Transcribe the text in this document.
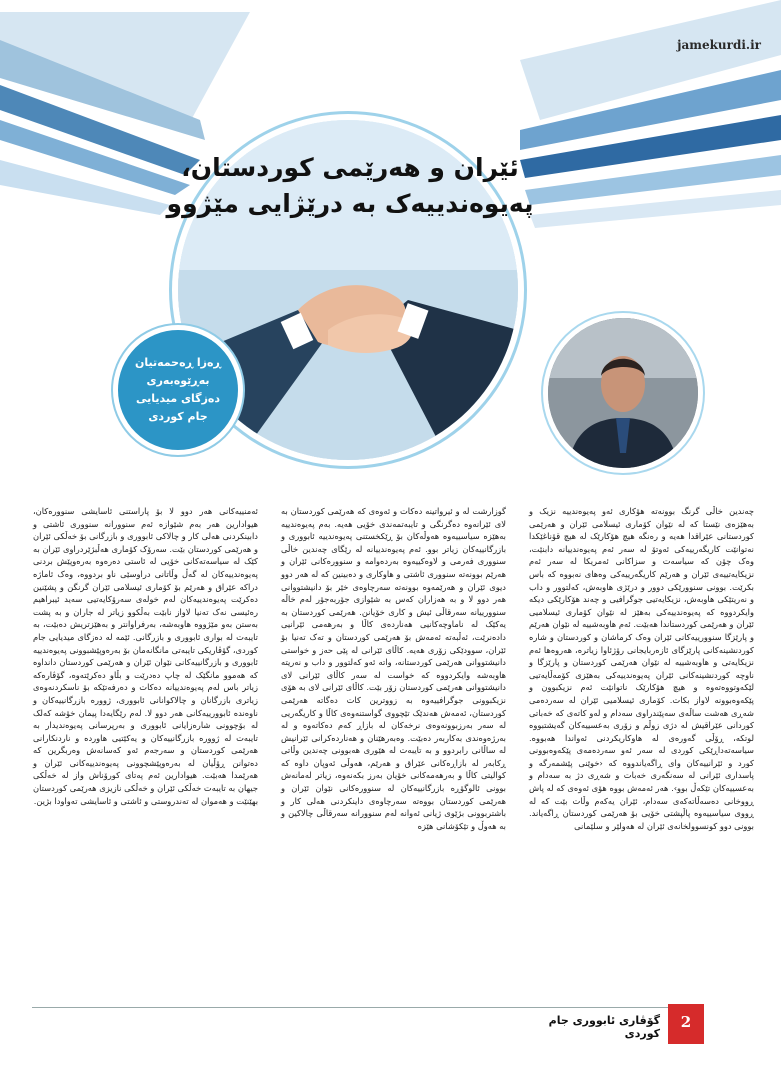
jamekurdi.ir
ئێران و هەرێمی کوردستان،
پەیوەندییەک بە درێژایی مێژوو
ڕەزا ڕەحمەتیان
بەڕێوەبەری
دەزگای میدیایی
جام کوردی

چەندین خاڵی گرنگ بوونەتە هۆکاری ئەو پەیوەندییە نزیک و بەهێزەی نێستا کە لە نێوان کۆماری ئیسلامی ئێران و هەرێمی کوردستانی عێراقدا هەیە و رەنگە هیچ هۆکارێک لە هیچ قۆناغێکدا نەتوانێت کاریگەرییەکی ئەوتۆ لە سەر ئەم پەیوەندییانە دابنێت، وەک چۆن کە سیاسەت و سزاکانی ئەمریکا لە سەر ئەم نزیکایەتییەی ئێران و هەرێم کاریگەرییەکی وەهای نەبووە کە باس بکرێت. بوونی سنوورێکی دوور و درێژی هاوبەش، کەلتوور و داب و نەریتێکی هاوبەش، نزیکایەتیی جوگرافیی و چەند هۆکارێکی دیکە وایکردووە کە پەیوەندییەکی بەهێز لە نێوان کۆماری ئیسلامیی ئێران و هەرێمی کوردستاندا هەبێت. ئەم هاوبەشییە لە نێوان هەرێم و پارێزگا سنوورییەکانی ئێران وەک کرماشان و کوردستان و شارە کوردنشینەکانی پارێزگای ئازەربایجانی رۆژئاوا زیاترە، هەروەها ئەم نزیکایەتی و هاوبەشییە لە نێوان هەرێمی کوردستان و پارێزگا و ناوچە کوردنشینەکانی ئێران پەیوەندییەکی بەهێزی کۆمەڵایەتیی لێکەوتووەتەوە و هیچ هۆکارێک ناتوانێت ئەم نزیکبوون و پێکەوەبوونە لاواز بکات. کۆماری ئیسلامیی ئێران لە سەردەمی شەڕی هەشت ساڵەی سەپێندراوی سەدام و لەو کاتەی کە خەباتی کوردانی عێراقیش لە دژی زوڵم و زۆری بەعسییەکان گەیشتبووە لوتکە، ڕۆڵی گەورەی لە هاوکاریکردنی ئەواندا هەبووە. سیاسەتەداڕێکی کوردی لە سەر ئەو سەردەمەی پێکەوەبوونی کورد و ئێرانییەکان وای ڕاگەیاندووە کە ‹خوێنی پێشمەرگە و پاسداری ئێرانی لە سەنگەری خەبات و شەڕی دژ بە سەدام و بەعسییەکان تێکەڵ بوو›. هەر ئەمەش بووە هۆی ئەوەی کە لە پاش ڕووخانی دەسەڵاتەکەی سەدام، ئێران یەکەم وڵات بێت کە لە ڕووی سیاسییەوە پاڵپشتی خۆیی بۆ هەرێمی کوردستان ڕاگەیاند. بوونی دوو کونسوولخانەی ئێران لە هەولێر و سلێمانی

گوزارشت لە و ئیرواتینە دەکات و ئەوەی کە هەرێمی کوردستان بە لای ئێرانەوە دەگرنگی و تایبەتمەندی خۆیی هەیە. بەم پەیوەندییە بەهێزە سیاسییەوە هەوڵەکان بۆ ڕێکخستنی پەیوەندییە ئابووری و بازرگانییەکان زیاتر بوو. ئەم پەیوەندییانە لە رێگای چەندین خاڵی سنووری فەرمی و لاوەکییەوە بەردەوامە و سنوورەکانی ئێران و هەرێم بوونەتە سنووری ئاشتی و هاوکاری و دەبینین کە لە هەر دوو دیوی ئێران و هەرێمەوە بوونەتە سەرچاوەی خێر بۆ دانیشتووانی هەر دوو لا و بە هەزاران کەس بە شێوازی جۆربەجۆر لەم خاڵە سنوورییانە سەرقاڵی ئیش و کاری خۆیانن. هەرێمی کوردستان بە یەکێک لە ناماوچەکانیی هەناردەی کاڵا و بەرهەمی ئێرانیی دادەنرێت، ئەڵبەتە ئەمەش بۆ هەرێمی کوردستان و تەک تەنیا بۆ ئێران، سوودێکی زۆری هەیە. کاڵای ئێرانی لە پێی حەز و خواستی دانیشتووانی هەرێمی کوردستانە، واتە ئەو کەلتوور و داب و نەریتە هاوبەشە وایکردووە کە خواست لە سەر کاڵای ئێرانی لای دانیشتووانی هەرێمی کوردستان زۆر بێت. کاڵای ئێرانی لای بە هۆی نزیکبوونی جوگرافییەوە بە زووترین کات دەگاتە هەرێمی کوردستان، ئەمەش هەندێک تێچووی گواستنەوەی کاڵا و کاریگەریی لە سەر بەرزبوونەوەی نرخەکان لە بازاڕ کەم دەکاتەوە و لە بەرژەوەندی بەکاربەر دەبێت. وەبەرهێنان و هەناردەکرانی ئێرانیش لە ساڵانی رابردوو و بە تایبەت لە هێوری هەبوونی چەندین وڵاتی ڕکابەر لە بازاڕەکانی عێراق و هەرێم، هەوڵی ئەوپان داوە کە کوالیتی کاڵا و بەرهەمەکانی خۆیان بەرز بکەنەوە، زیاتر لەمانەش بوونی ئالوگۆڕە بازرگانییەکان لە سنوورەکانی نێوان ئێران و هەرێمی کوردستان بووەتە سەرچاوەی داینکردنی هەلی کار و باشتربوونی بژێوی ژیانی ئەوانە لەم سنوورانە سەرقاڵی چالاکین و بە هەوڵ و تێکۆشانی هێزە

ئەمنییەکانی هەر دوو لا بۆ پاراستنی ئاسایشی سنوورەکان، هیوادارین هەر بەم شێوازە ئەم سنوورانە سنووری ئاشتی و دابینکردنی هەلی کار و چالاکی ئابووری و بازرگانی بۆ خەڵکی ئێران و هەرێمی کوردستان بێت. سەرۆک کۆماری هەڵبژێردراوی ئێران بە کێک لە سیاسەتەکانی خۆیی لە ئاستی دەرەوە بەرەوپێش بردنی پەیوەندییەکان لە گەڵ وڵاتانی دراوسێی ناو بردووە، وەک ئاماژە دراکە عێراق و هەرێم بۆ کۆماری ئیسلامی ئێران گرنگن و پشێنین دەکرێت پەیوەندییەکان لەم خولەی سەرۆکایەتیی سەید ئیبراهیم رەئیسی نەک تەنیا لاواز نابێت بەڵکوو زیاتر لە جاران و بە پشت بەستن بەو مێژووە هاوبەشە، بەرفراوانتر و بەهێزتریش دەبێت، بە تایبەت لە بواری ئابووری و بازرگانی. ئێمە لە دەزگای میدیایی جام کوردی، گۆڤاریکی تایبەتی مانگانەمان بۆ بەرەوپێشبوونی پەیوەندییە ئابووری و بازرگانییەکانی نێوان ئێران و هەرێمی کوردستان دانداوە کە هەموو مانگێک لە چاپ دەدرێت و بڵاو دەکرێتەوە، گۆڤارەکە زیاتر باس لەم پەیوەندییانە دەکات و دەرفەتێکە بۆ ناسکردنەوەی زیاتری بازرگانان و چالاکوانانی ئابووری، ژووره بازرگانییەکان و ناوەندە ئابوورییەکانی هەر دوو لا. لەم رێگایەدا پیمان خۆشە کەلک لە بۆچوونی شارەزایانی ئابووری و بەرپرسانی پەیوەندیدار بە تایبەت لە ژوورە بازرگانییەکان و یەکێتیی هاوردە و ناردنکارانی هەرێمی کوردستان و سەرجەم ئەو کەسانەش وەربگرین کە دەتوانن ڕۆڵیان لە بەرەوپێشچوونی پەیوەندییەکانی ئێران و هەرێمدا هەبێت. هیوادارین ئەم پەتای کورۆناش واز لە خەڵکی جیهان بە تایبەت خەڵکی ئێران و خەڵکی نازیزی هەرێمی کوردستان بهێنێت و هەموان لە تەندروستی و ئاشتی و ئاسایشی تەواودا بژین.

گۆڤاری ئابووری جام کوردی
2
